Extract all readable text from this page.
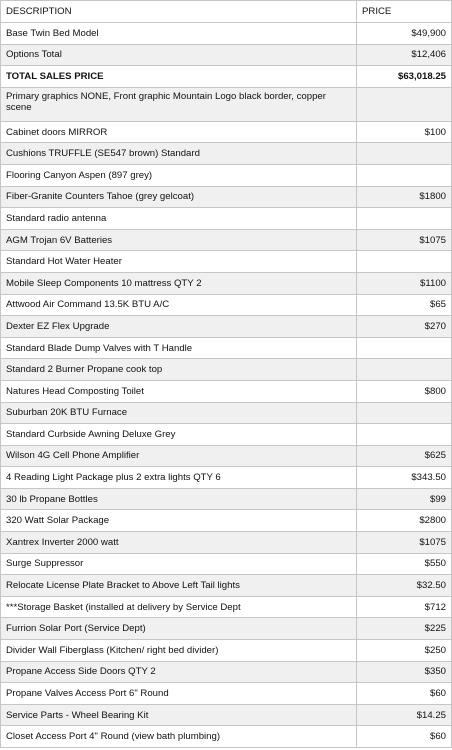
DESCRIPTION	PRICE
Base Twin Bed Model	$49,900
Options Total	$12,406
TOTAL SALES PRICE	$63,018.25
Primary graphics NONE, Front graphic Mountain Logo black border, copper scene	
Cabinet doors MIRROR	$100
Cushions TRUFFLE (SE547 brown) Standard	
Flooring Canyon Aspen (897 grey)	
Fiber-Granite Counters Tahoe (grey gelcoat)	$1800
Standard radio antenna	
AGM Trojan 6V Batteries	$1075
Standard Hot Water Heater	
Mobile Sleep Components 10 mattress QTY 2	$1100
Attwood Air Command 13.5K BTU A/C	$65
Dexter EZ Flex Upgrade	$270
Standard Blade Dump Valves with T Handle	
Standard 2 Burner Propane cook top	
Natures Head Composting Toilet	$800
Suburban 20K BTU Furnace	
Standard Curbside Awning Deluxe Grey	
Wilson 4G Cell Phone Amplifier	$625
4 Reading Light Package plus 2 extra lights QTY 6	$343.50
30 lb Propane Bottles	$99
320 Watt Solar Package	$2800
Xantrex Inverter 2000 watt	$1075
Surge Suppressor	$550
Relocate License Plate Bracket to Above Left Tail lights	$32.50
***Storage Basket (installed at delivery by Service Dept	$712
Furrion Solar Port (Service Dept)	$225
Divider Wall Fiberglass (Kitchen/ right bed divider)	$250
Propane Access Side Doors QTY 2	$350
Propane Valves Access Port 6" Round	$60
Service Parts - Wheel Bearing Kit	$14.25
Closet Access Port 4" Round (view bath plumbing)	$60
